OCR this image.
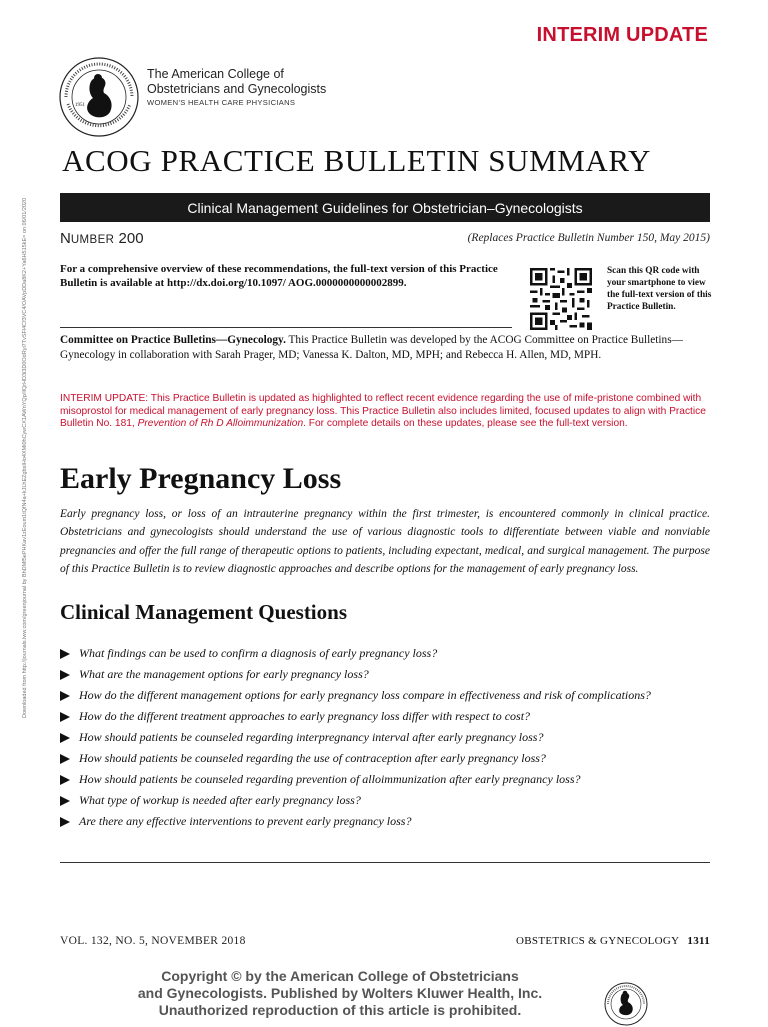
INTERIM UPDATE
1951
The American College of
Obstetricians and Gynecologists
WOMEN'S HEALTH CARE PHYSICIANS
ACOG PRACTICE BULLETIN SUMMARY
Clinical Management Guidelines for Obstetrician–Gynecologists
NUMBER 200	(Replaces Practice Bulletin Number 150, May 2015)
For a comprehensive overview of these recommendations, the full-text version of this Practice Bulletin is available at http://dx.doi.org/10.1097/ AOG.0000000000002899.
Scan this QR code with your smartphone to view the full-text version of this Practice Bulletin.
Committee on Practice Bulletins—Gynecology. This Practice Bulletin was developed by the ACOG Committee on Practice Bulletins—Gynecology in collaboration with Sarah Prager, MD; Vanessa K. Dalton, MD, MPH; and Rebecca H. Allen, MD, MPH.
INTERIM UPDATE: This Practice Bulletin is updated as highlighted to reflect recent evidence regarding the use of mife-pristone combined with misoprostol for medical management of early pregnancy loss. This Practice Bulletin also includes limited, focused updates to align with Practice Bulletin No. 181, Prevention of Rh D Alloimmunization. For complete details on these updates, please see the full-text version.
Early Pregnancy Loss
Early pregnancy loss, or loss of an intrauterine pregnancy within the first trimester, is encountered commonly in clinical practice. Obstetricians and gynecologists should understand the use of various diagnostic tools to differentiate between viable and nonviable pregnancies and offer the full range of therapeutic options to patients, including expectant, medical, and surgical management. The purpose of this Practice Bulletin is to review diagnostic approaches and describe options for the management of early pregnancy loss.
Clinical Management Questions
What findings can be used to confirm a diagnosis of early pregnancy loss?
What are the management options for early pregnancy loss?
How do the different management options for early pregnancy loss compare in effectiveness and risk of complications?
How do the different treatment approaches to early pregnancy loss differ with respect to cost?
How should patients be counseled regarding interpregnancy interval after early pregnancy loss?
How should patients be counseled regarding the use of contraception after early pregnancy loss?
How should patients be counseled regarding prevention of alloimmunization after early pregnancy loss?
What type of workup is needed after early pregnancy loss?
Are there any effective interventions to prevent early pregnancy loss?
VOL. 132, NO. 5, NOVEMBER 2018	OBSTETRICS & GYNECOLOGY 1311
Copyright © by the American College of Obstetricians
and Gynecologists. Published by Wolters Kluwer Health, Inc.
Unauthorized reproduction of this article is prohibited.
Downloaded from http://journals.lww.com/greenjournal by BhDMf5ePHKav1zEoum1tQfN4a+kJLhEZgbsIHo4XMi0hCywCX1AWnYQp/IlQrHD3i3D0OdRyi7TvSFl4Cf3VC4/OAVpDDa8K2+Ya6H515kE= on 06/01/2020
